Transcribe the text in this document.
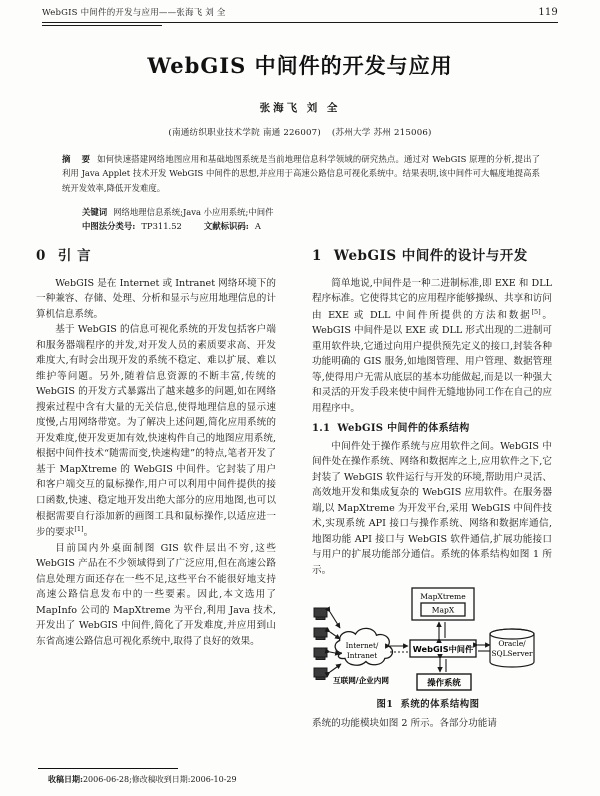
WebGIS 中间件的开发与应用——张海飞 刘 全	119
WebGIS 中间件的开发与应用
张海飞 刘 全
(南通纺织职业技术学院 南通 226007) (苏州大学 苏州 215006)
摘 要 如何快速搭建网络地图应用和基础地图系统是当前地理信息科学领域的研究热点。通过对 WebGIS 原理的分析,提出了利用 Java Applet 技术开发 WebGIS 中间件的思想,并应用于高速公路信息可视化系统中。结果表明,该中间件可大幅度地提高系统开发效率,降低开发难度。
关键词 网络地理信息系统;Java 小应用系统;中间件
中图法分类号: TP311.52	文献标识码: A
0 引 言

WebGIS 是在 Internet 或 Intranet 网络环境下的一种兼容、存储、处理、分析和显示与应用地理信息的计算机信息系统。

基于 WebGIS 的信息可视化系统的开发包括客户端和服务器端程序的并发,对开发人员的素质要求高、开发难度大,有时会出现开发的系统不稳定、难以扩展、难以维护等问题。另外,随着信息资源的不断丰富,传统的 WebGIS 的开发方式暴露出了越来越多的问题,如在网络搜索过程中含有大量的无关信息,使得地理信息的显示速度慢,占用网络带宽。为了解决上述问题,简化应用系统的开发难度,使开发更加有效,快速构件自己的地图应用系统,根据中间件技术“随需而变,快速构建”的特点,笔者开发了基于 MapXtreme 的 WebGIS 中间件。它封装了用户和客户端交互的鼠标操作,用户可以利用中间件提供的接口函数,快速、稳定地开发出绝大部分的应用地图,也可以根据需要自行添加新的画图工具和鼠标操作,以适应进一步的要求[1]。

目前国内外桌面制图 GIS 软件层出不穷,这些 WebGIS 产品在不少领域得到了广泛应用,但在高速公路信息处理方面还存在一些不足,这些平台不能很好地支持高速公路信息发布中的一些要素。因此,本文选用了 MapInfo 公司的 MapXtreme 为平台,利用 Java 技术,开发出了 WebGIS 中间件,简化了开发难度,并应用到山东省高速公路信息可视化系统中,取得了良好的效果。

1 WebGIS 中间件的设计与开发

简单地说,中间件是一种二进制标准,即 EXE 和 DLL 程序标准。它使得其它的应用程序能够操纵、共享和访问由 EXE 或 DLL 中间件所提供的方法和数据[5]。WebGIS 中间件是以 EXE 或 DLL 形式出现的二进制可重用软件块,它通过向用户提供预先定义的接口,封装各种功能明确的 GIS 服务,如地图管理、用户管理、数据管理等,使得用户无需从底层的基本功能做起,而是以一种强大和灵活的开发手段来使中间件无缝地协同工作在自己的应用程序中。

1.1 WebGIS 中间件的体系结构

中间件处于操作系统与应用软件之间。WebGIS 中间件处在操作系统、网络和数据库之上,应用软件之下,它封装了 WebGIS 软件运行与开发的环境,帮助用户灵活、高效地开发和集成复杂的 WebGIS 应用软件。在服务器端,以 MapXtreme 为开发平台,采用 WebGIS 中间件技术,实现系统 API 接口与操作系统、网络和数据库通信,地图功能 API 接口与 WebGIS 软件通信,扩展功能接口与用户的扩展功能部分通信。系统的体系结构如图 1 所示。

MapXtreme
MapX
WebGIS中间件
操作系统
Oracle/
SQLServer
Internet/
Intranet
互联网/企业内网
图1 系统的体系结构图

系统的功能模块如图 2 所示。各部分功能请

收稿日期:2006-06-28;修改稿收到日期:2006-10-29
